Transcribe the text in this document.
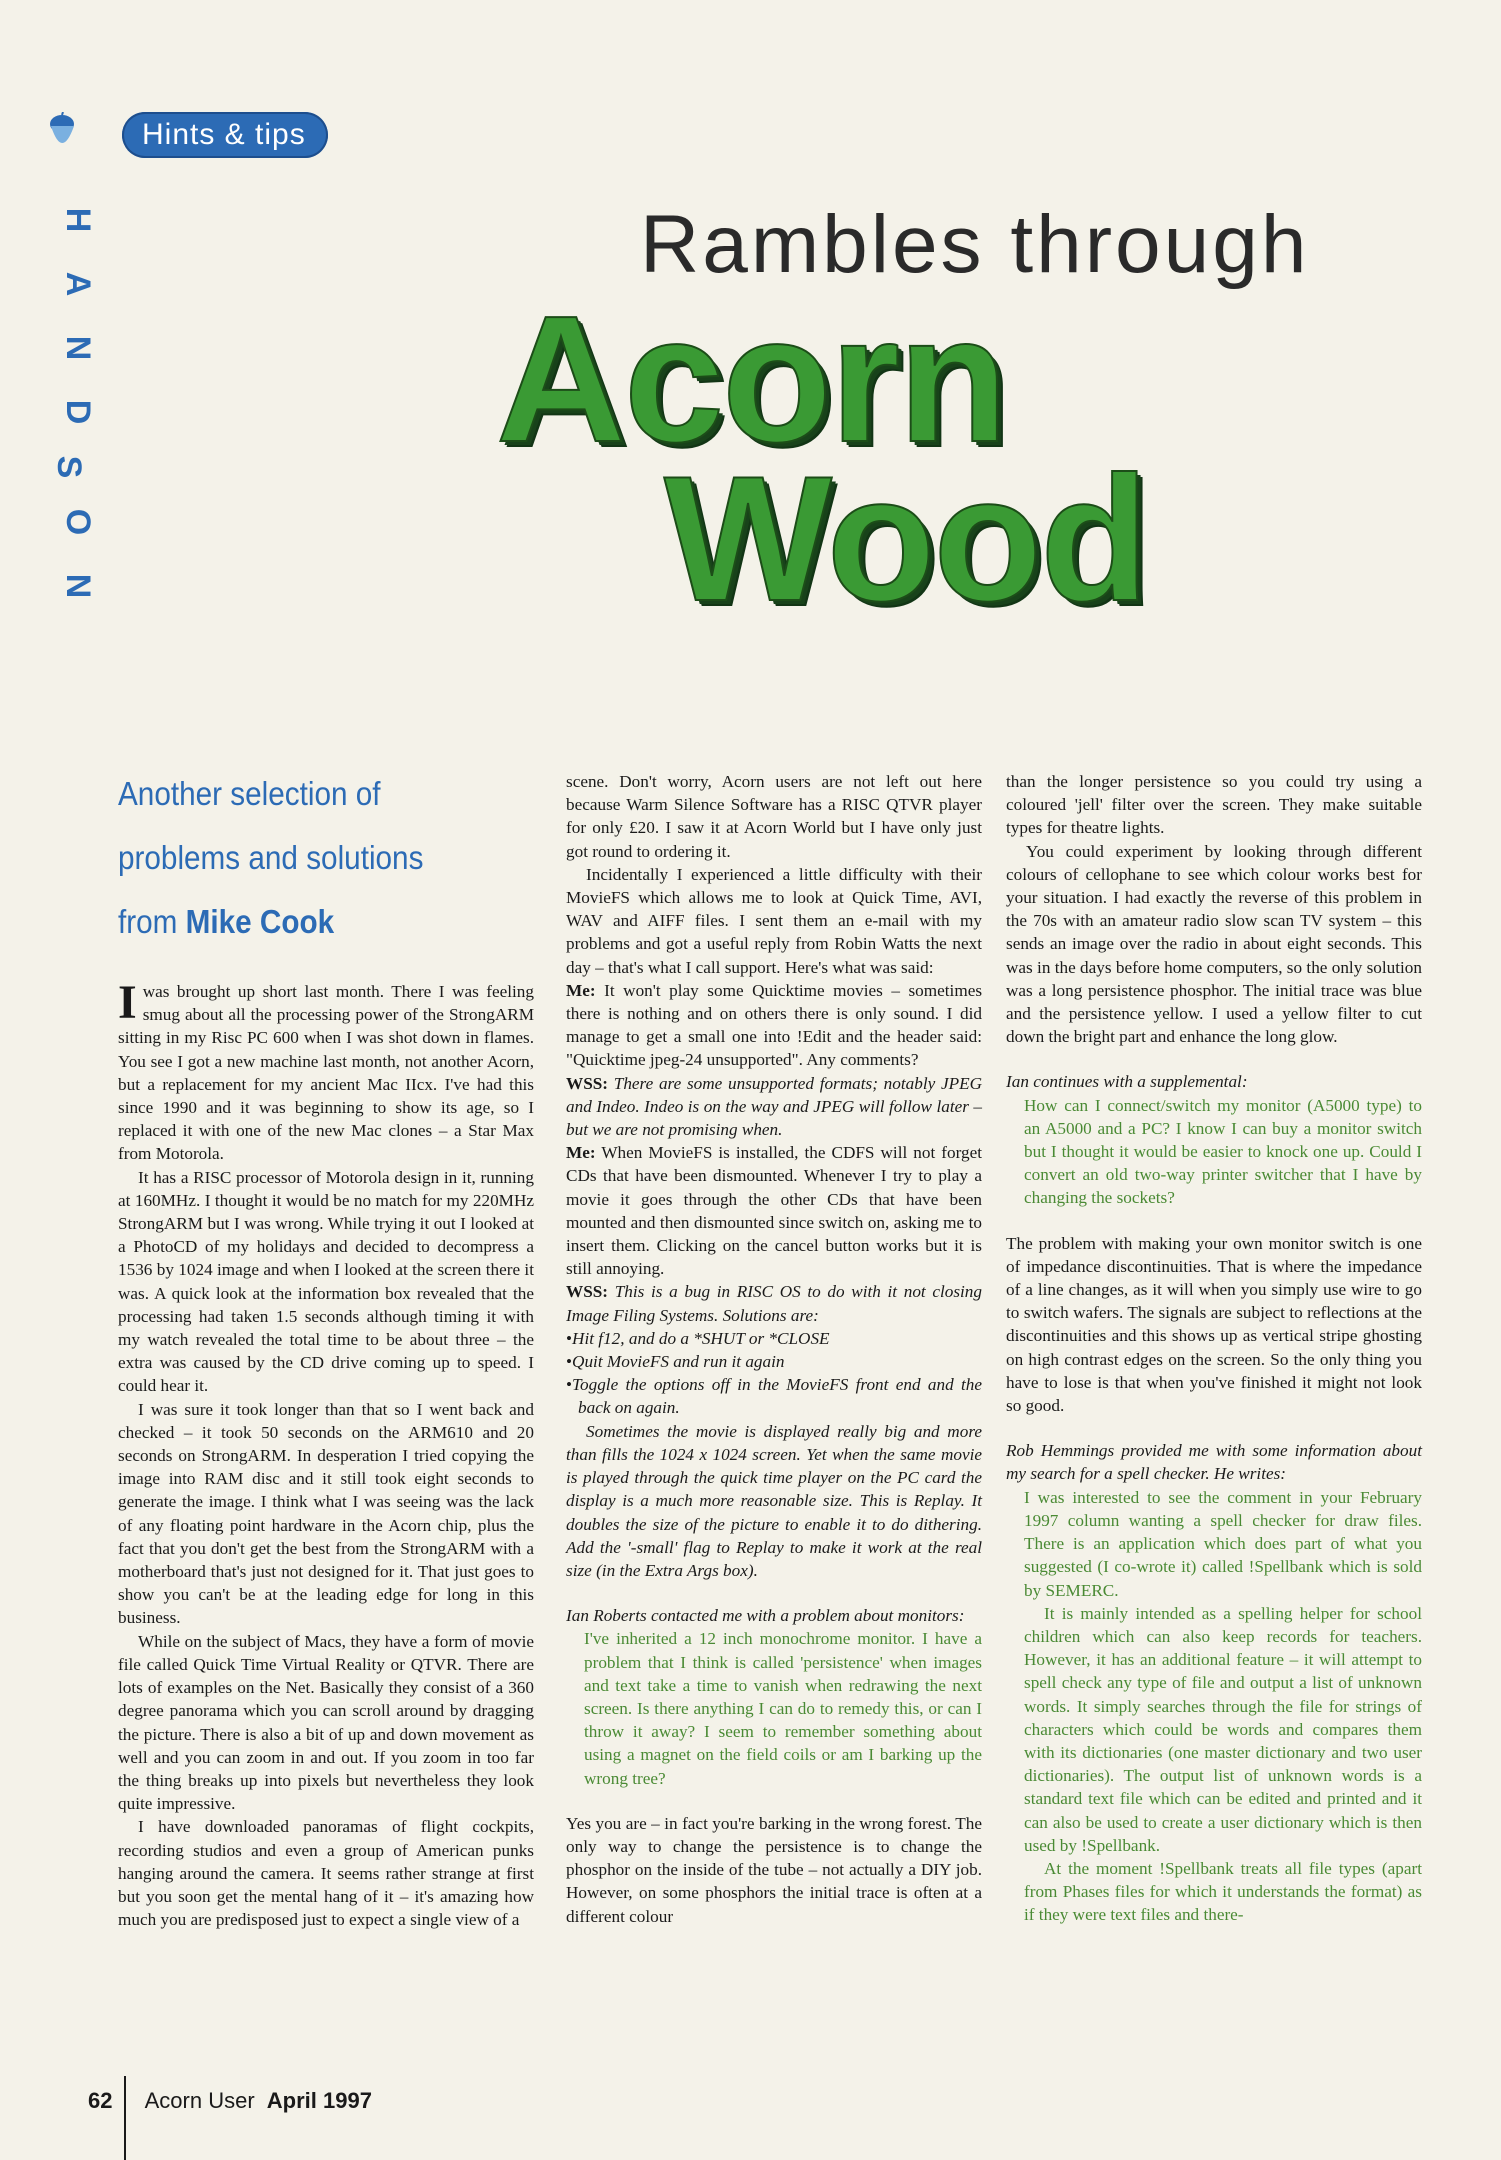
H
A
N
D
S
O
N
Hints & tips
Rambles through
Acorn
Wood
Another selection of problems and solutions from Mike Cook

Iwas brought up short last month. There I was feeling smug about all the processing power of the StrongARM sitting in my Risc PC 600 when I was shot down in flames. You see I got a new machine last month, not another Acorn, but a replacement for my ancient Mac IIcx. I've had this since 1990 and it was beginning to show its age, so I replaced it with one of the new Mac clones – a Star Max from Motorola.

It has a RISC processor of Motorola design in it, running at 160MHz. I thought it would be no match for my 220MHz StrongARM but I was wrong. While trying it out I looked at a PhotoCD of my holidays and decided to decompress a 1536 by 1024 image and when I looked at the screen there it was. A quick look at the information box revealed that the processing had taken 1.5 seconds although timing it with my watch revealed the total time to be about three – the extra was caused by the CD drive coming up to speed. I could hear it.

I was sure it took longer than that so I went back and checked – it took 50 seconds on the ARM610 and 20 seconds on StrongARM. In desperation I tried copying the image into RAM disc and it still took eight seconds to generate the image. I think what I was seeing was the lack of any floating point hardware in the Acorn chip, plus the fact that you don't get the best from the StrongARM with a motherboard that's just not designed for it. That just goes to show you can't be at the leading edge for long in this business.

While on the subject of Macs, they have a form of movie file called Quick Time Virtual Reality or QTVR. There are lots of examples on the Net. Basically they consist of a 360 degree panorama which you can scroll around by dragging the picture. There is also a bit of up and down movement as well and you can zoom in and out. If you zoom in too far the thing breaks up into pixels but nevertheless they look quite impressive.

I have downloaded panoramas of flight cockpits, recording studios and even a group of American punks hanging around the camera. It seems rather strange at first but you soon get the mental hang of it – it's amazing how much you are predisposed just to expect a single view of a

scene. Don't worry, Acorn users are not left out here because Warm Silence Software has a RISC QTVR player for only £20. I saw it at Acorn World but I have only just got round to ordering it.

Incidentally I experienced a little difficulty with their MovieFS which allows me to look at Quick Time, AVI, WAV and AIFF files. I sent them an e-mail with my problems and got a useful reply from Robin Watts the next day – that's what I call support. Here's what was said:

Me: It won't play some Quicktime movies – sometimes there is nothing and on others there is only sound. I did manage to get a small one into !Edit and the header said: "Quicktime jpeg-24 unsupported". Any comments?

WSS: There are some unsupported formats; notably JPEG and Indeo. Indeo is on the way and JPEG will follow later – but we are not promising when.

Me: When MovieFS is installed, the CDFS will not forget CDs that have been dismounted. Whenever I try to play a movie it goes through the other CDs that have been mounted and then dismounted since switch on, asking me to insert them. Clicking on the cancel button works but it is still annoying.

WSS: This is a bug in RISC OS to do with it not closing Image Filing Systems. Solutions are:

• Hit f12, and do a *SHUT or *CLOSE
• Quit MovieFS and run it again
• Toggle the options off in the MovieFS front end and the back on again.

Sometimes the movie is displayed really big and more than fills the 1024 x 1024 screen. Yet when the same movie is played through the quick time player on the PC card the display is a much more reasonable size. This is Replay. It doubles the size of the picture to enable it to do dithering. Add the '-small' flag to Replay to make it work at the real size (in the Extra Args box).

Ian Roberts contacted me with a problem about monitors:

I've inherited a 12 inch monochrome monitor. I have a problem that I think is called 'persistence' when images and text take a time to vanish when redrawing the next screen. Is there anything I can do to remedy this, or can I throw it away? I seem to remember something about using a magnet on the field coils or am I barking up the wrong tree?

Yes you are – in fact you're barking in the wrong forest. The only way to change the persistence is to change the phosphor on the inside of the tube – not actually a DIY job. However, on some phosphors the initial trace is often at a different colour

than the longer persistence so you could try using a coloured 'jell' filter over the screen. They make suitable types for theatre lights.

You could experiment by looking through different colours of cellophane to see which colour works best for your situation. I had exactly the reverse of this problem in the 70s with an amateur radio slow scan TV system – this sends an image over the radio in about eight seconds. This was in the days before home computers, so the only solution was a long persistence phosphor. The initial trace was blue and the persistence yellow. I used a yellow filter to cut down the bright part and enhance the long glow.

Ian continues with a supplemental:

How can I connect/switch my monitor (A5000 type) to an A5000 and a PC? I know I can buy a monitor switch but I thought it would be easier to knock one up. Could I convert an old two-way printer switcher that I have by changing the sockets?

The problem with making your own monitor switch is one of impedance discontinuities. That is where the impedance of a line changes, as it will when you simply use wire to go to switch wafers. The signals are subject to reflections at the discontinuities and this shows up as vertical stripe ghosting on high contrast edges on the screen. So the only thing you have to lose is that when you've finished it might not look so good.

Rob Hemmings provided me with some information about my search for a spell checker. He writes:

I was interested to see the comment in your February 1997 column wanting a spell checker for draw files. There is an application which does part of what you suggested (I co-wrote it) called !Spellbank which is sold by SEMERC.

It is mainly intended as a spelling helper for school children which can also keep records for teachers. However, it has an additional feature – it will attempt to spell check any type of file and output a list of unknown words. It simply searches through the file for strings of characters which could be words and compares them with its dictionaries (one master dictionary and two user dictionaries). The output list of unknown words is a standard text file which can be edited and printed and it can also be used to create a user dictionary which is then used by !Spellbank.

At the moment !Spellbank treats all file types (apart from Phases files for which it understands the format) as if they were text files and there-

62 Acorn User April 1997
